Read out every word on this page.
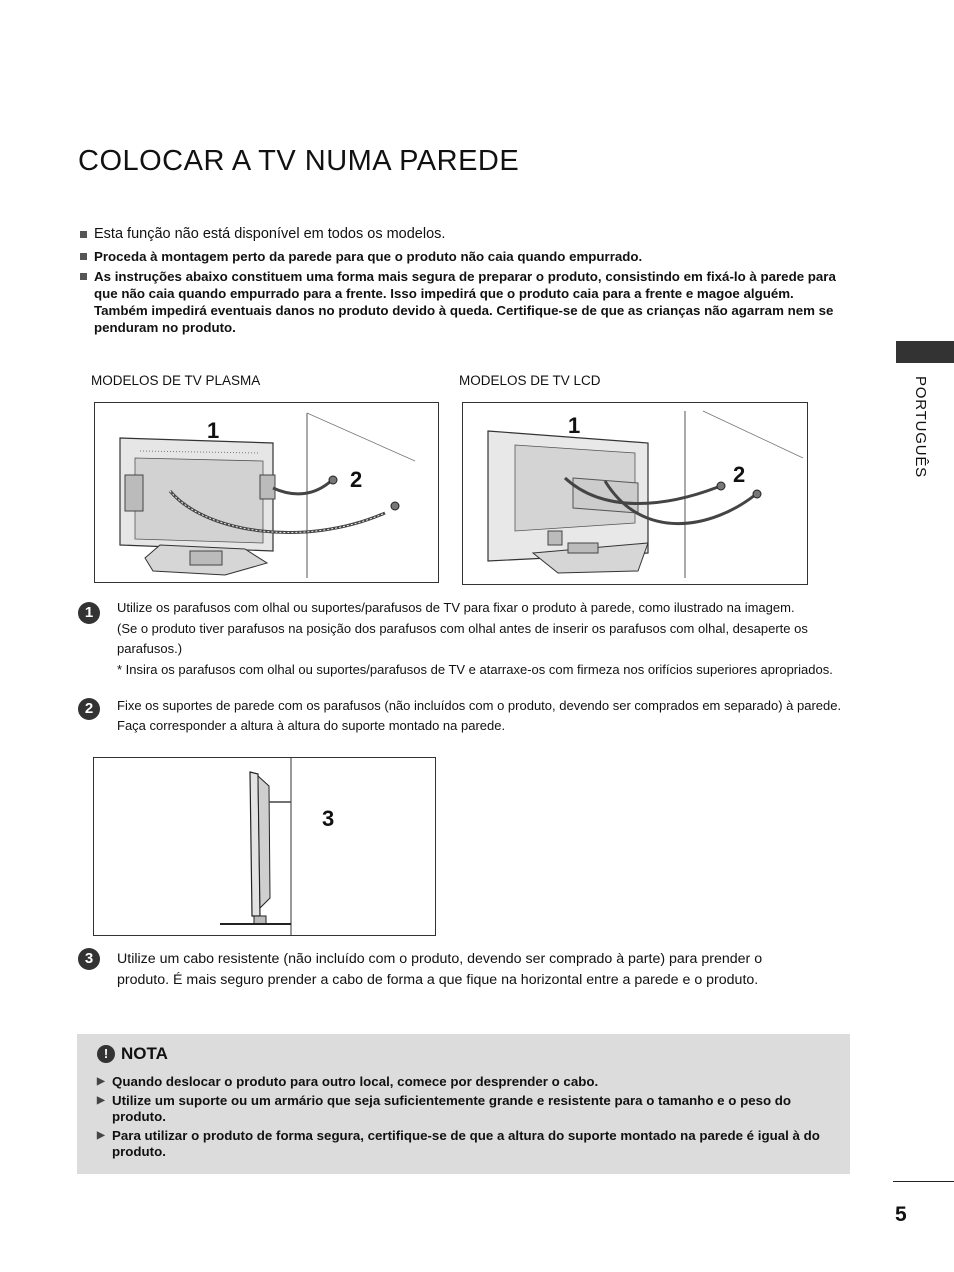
COLOCAR A TV NUMA PAREDE
Esta função não está disponível em todos os modelos.
Proceda à montagem perto da parede para que o produto não caia quando empurrado.
As instruções abaixo constituem uma forma mais segura de preparar o produto, consistindo em fixá-lo à parede para que não caia quando empurrado para a frente. Isso impedirá que o produto caia para a frente e magoe alguém. Também impedirá eventuais danos no produto devido à queda. Certifique-se de que as crianças não agarram nem se penduram no produto.
MODELOS DE TV PLASMA	MODELOS DE TV LCD
1
2
1
2
1	Utilize os parafusos com olhal ou suportes/parafusos de TV para fixar o produto à parede, como ilustrado na imagem.

(Se o produto tiver parafusos na posição dos parafusos com olhal antes de inserir os parafusos com olhal, desaperte os parafusos.)

* Insira os parafusos com olhal ou suportes/parafusos de TV e atarraxe-os com firmeza nos orifícios superiores apropriados.

2	Fixe os suportes de parede com os parafusos (não incluídos com o produto, devendo ser comprados em separado) à parede. Faça corresponder a altura à altura do suporte montado na parede.

3
3	Utilize um cabo resistente (não incluído com o produto, devendo ser comprado à parte) para prender o produto. É mais seguro prender a cabo de forma a que fique na horizontal entre a parede e o produto.

PORTUGUÊS
! NOTA
▶ Quando deslocar o produto para outro local, comece por desprender o cabo.
▶ Utilize um suporte ou um armário que seja suficientemente grande e resistente para o tamanho e o peso do produto.
▶ Para utilizar o produto de forma segura, certifique-se de que a altura do suporte montado na parede é igual à do produto.
5
